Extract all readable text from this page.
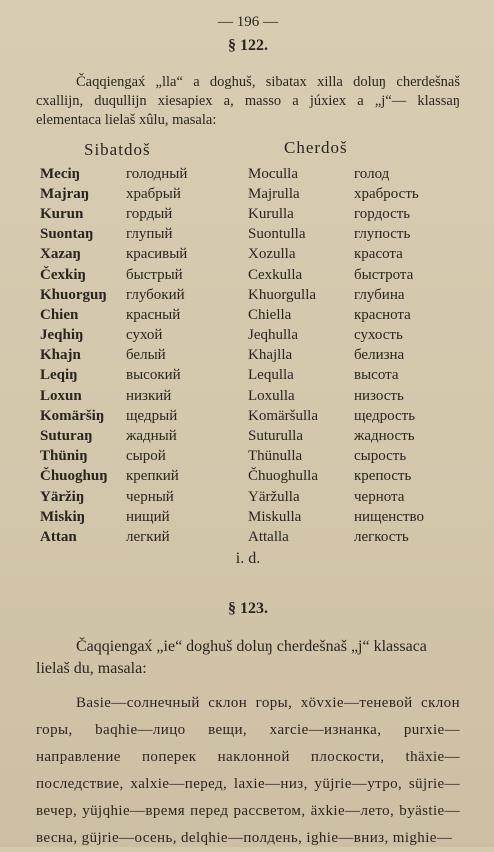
— 196 —
§ 122.

Čaqqiengax́ „lla“ a doghuš, sibatax xilla doluŋ cherdešnaš cxallijn, duqullijn xiesapiex a, masso a júxiex a „j“— klassaŋ elementaca lielaš xûlu, masala:

Sibatdoš	Cherdoš
Meciŋ	голодный	Moculla	голод
Majraŋ	храбрый	Majrulla	храбрость
Kurun	гордый	Kurulla	гордость
Suontaŋ	глупый	Suontulla	глупость
Xazaŋ	красивый	Xozulla	красота
Čexkiŋ	быстрый	Cexkulla	быстрота
Khuorguŋ	глубокий	Khuorgulla	глубина
Chien	красный	Chiella	краснота
Jeqhiŋ	сухой	Jeqhulla	сухость
Khajn	белый	Khajlla	белизна
Leqiŋ	высокий	Lequlla	высота
Loxun	низкий	Loxulla	низость
Komäršiŋ	щедрый	Komäršulla	щедрость
Suturaŋ	жадный	Suturulla	жадность
Thüniŋ	сырой	Thünulla	сырость
Čhuoghuŋ	крепкий	Čhuoghulla	крепость
Yäržiŋ	черный	Yäržulla	чернота
Miskiŋ	нищий	Miskulla	нищенство
Attan	легкий	Attalla	легкость
i. d.
§ 123.

Čaqqiengax́ „ie“ doghuš doluŋ cherdešnaš „j“ klassaca lielaš du, masala:

Basie—солнечный склон горы, xövxie—теневой склон горы, baqhie—лицо вещи, xarcie—изнанка, purxie—направление поперек наклонной плоскости, thäxie—последствие, xalxie—перед, laxie—низ, yüjrie—утро, süjrie—вечер, yüjqhie—время перед рассветом, äxkie—лето, byästie—весна, güjrie—осень, delqhie—полдень, ighie—вниз, mighie—
